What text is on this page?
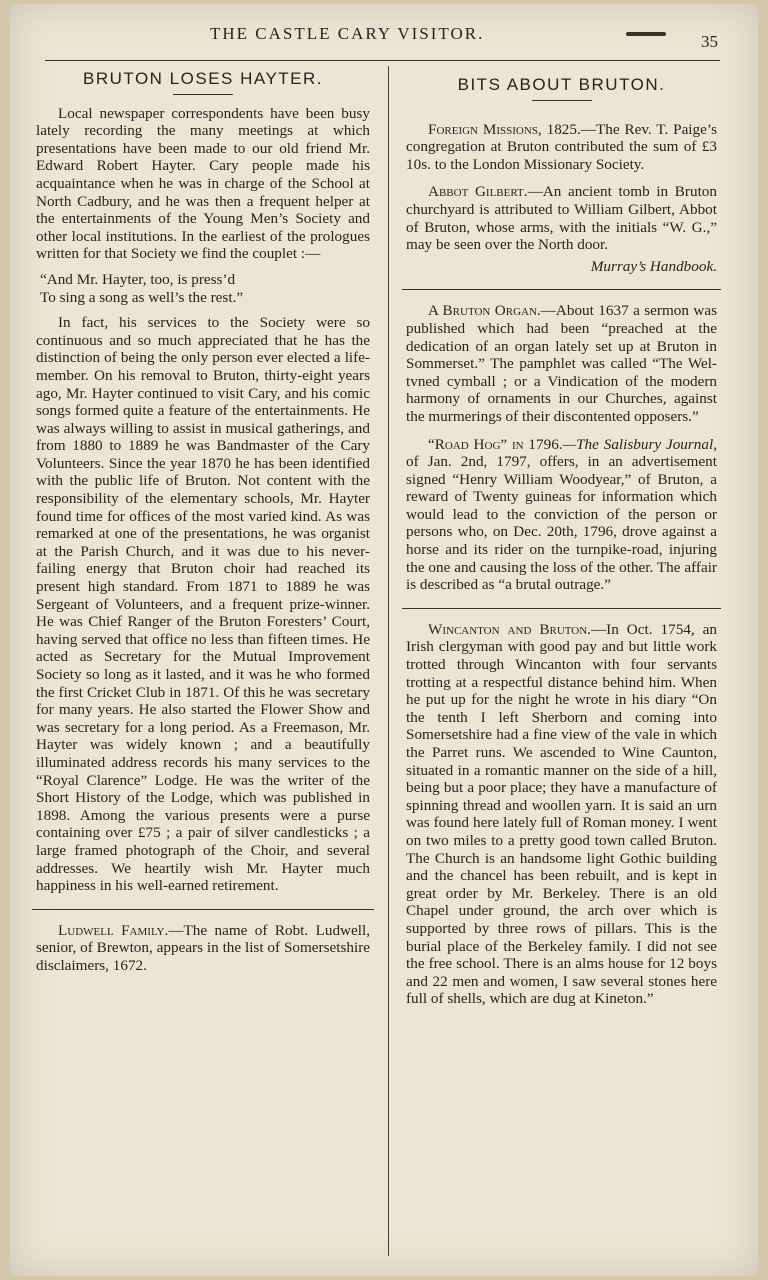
THE CASTLE CARY VISITOR.	35
BRUTON LOSES HAYTER.

Local newspaper correspondents have been busy lately recording the many meetings at which presentations have been made to our old friend Mr. Edward Robert Hayter. Cary people made his acquaintance when he was in charge of the School at North Cadbury, and he was then a frequent helper at the entertainments of the Young Men’s Society and other local institutions. In the earliest of the prologues written for that Society we find the couplet :—

“And Mr. Hayter, too, is press’d
To sing a song as well’s the rest.”

In fact, his services to the Society were so continuous and so much appreciated that he has the distinction of being the only person ever elected a life-member. On his removal to Bruton, thirty-eight years ago, Mr. Hayter continued to visit Cary, and his comic songs formed quite a feature of the entertainments. He was always willing to assist in musical gatherings, and from 1880 to 1889 he was Bandmaster of the Cary Volunteers. Since the year 1870 he has been identified with the public life of Bruton. Not content with the responsibility of the elementary schools, Mr. Hayter found time for offices of the most varied kind. As was remarked at one of the presentations, he was organist at the Parish Church, and it was due to his never-failing energy that Bruton choir had reached its present high standard. From 1871 to 1889 he was Sergeant of Volunteers, and a frequent prize-winner. He was Chief Ranger of the Bruton Foresters’ Court, having served that office no less than fifteen times. He acted as Secretary for the Mutual Improvement Society so long as it lasted, and it was he who formed the first Cricket Club in 1871. Of this he was secretary for many years. He also started the Flower Show and was secretary for a long period. As a Freemason, Mr. Hayter was widely known ; and a beautifully illuminated address records his many services to the “Royal Clarence” Lodge. He was the writer of the Short History of the Lodge, which was published in 1898. Among the various presents were a purse containing over £75 ; a pair of silver candlesticks ; a large framed photograph of the Choir, and several addresses. We heartily wish Mr. Hayter much happiness in his well-earned retirement.

Ludwell Family.—The name of Robt. Ludwell, senior, of Brewton, appears in the list of Somersetshire disclaimers, 1672.

BITS ABOUT BRUTON.

Foreign Missions, 1825.—The Rev. T. Paige’s congregation at Bruton contributed the sum of £3 10s. to the London Missionary Society.

Abbot Gilbert.—An ancient tomb in Bruton churchyard is attributed to William Gilbert, Abbot of Bruton, whose arms, with the initials “W. G.,” may be seen over the North door.

Murray’s Handbook.

A Bruton Organ.—About 1637 a sermon was published which had been “preached at the dedication of an organ lately set up at Bruton in Sommerset.” The pamphlet was called “The Wel-tvned cymball ; or a Vindication of the modern harmony of ornaments in our Churches, against the murmerings of their discontented opposers.”

“Road Hog” in 1796.—The Salisbury Journal, of Jan. 2nd, 1797, offers, in an advertisement signed “Henry William Woodyear,” of Bruton, a reward of Twenty guineas for information which would lead to the conviction of the person or persons who, on Dec. 20th, 1796, drove against a horse and its rider on the turnpike-road, injuring the one and causing the loss of the other. The affair is described as “a brutal outrage.”

Wincanton and Bruton.—In Oct. 1754, an Irish clergyman with good pay and but little work trotted through Wincanton with four servants trotting at a respectful distance behind him. When he put up for the night he wrote in his diary “On the tenth I left Sherborn and coming into Somersetshire had a fine view of the vale in which the Parret runs. We ascended to Wine Caunton, situated in a romantic manner on the side of a hill, being but a poor place; they have a manufacture of spinning thread and woollen yarn. It is said an urn was found here lately full of Roman money. I went on two miles to a pretty good town called Bruton. The Church is an handsome light Gothic building and the chancel has been rebuilt, and is kept in great order by Mr. Berkeley. There is an old Chapel under ground, the arch over which is supported by three rows of pillars. This is the burial place of the Berkeley family. I did not see the free school. There is an alms house for 12 boys and 22 men and women, I saw several stones here full of shells, which are dug at Kineton.”
